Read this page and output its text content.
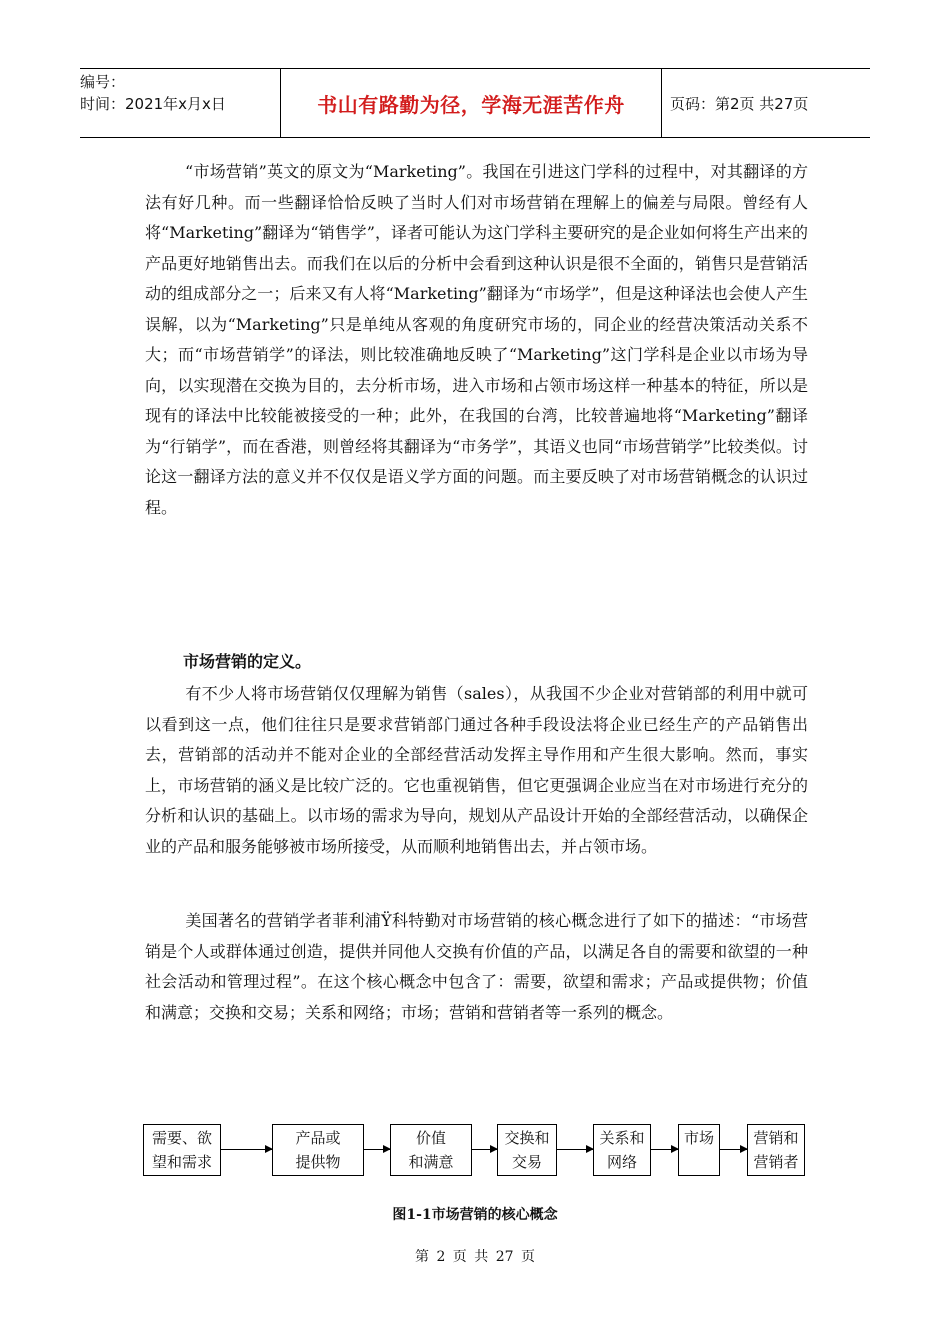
编号：
时间：2021年x月x日	书山有路勤为径，学海无涯苦作舟	页码：第2页 共27页

“市场营销”英文的原文为“Marketing”。我国在引进这门学科的过程中，对其翻译的方法有好几种。而一些翻译恰恰反映了当时人们对市场营销在理解上的偏差与局限。曾经有人将“Marketing”翻译为“销售学”，译者可能认为这门学科主要研究的是企业如何将生产出来的产品更好地销售出去。而我们在以后的分析中会看到这种认识是很不全面的，销售只是营销活动的组成部分之一；后来又有人将“Marketing”翻译为“市场学”，但是这种译法也会使人产生误解，以为“Marketing”只是单纯从客观的角度研究市场的，同企业的经营决策活动关系不大；而“市场营销学”的译法，则比较准确地反映了“Marketing”这门学科是企业以市场为导向，以实现潜在交换为目的，去分析市场，进入市场和占领市场这样一种基本的特征，所以是现有的译法中比较能被接受的一种；此外，在我国的台湾，比较普遍地将“Marketing”翻译为“行销学”，而在香港，则曾经将其翻译为“市务学”，其语义也同“市场营销学”比较类似。讨论这一翻译方法的意义并不仅仅是语义学方面的问题。而主要反映了对市场营销概念的认识过程。

市场营销的定义。

有不少人将市场营销仅仅理解为销售（sales），从我国不少企业对营销部的利用中就可以看到这一点，他们往往只是要求营销部门通过各种手段设法将企业已经生产的产品销售出去，营销部的活动并不能对企业的全部经营活动发挥主导作用和产生很大影响。然而，事实上，市场营销的涵义是比较广泛的。它也重视销售，但它更强调企业应当在对市场进行充分的分析和认识的基础上。以市场的需求为导向，规划从产品设计开始的全部经营活动，以确保企业的产品和服务能够被市场所接受，从而顺利地销售出去，并占领市场。

美国著名的营销学者菲利浦Ÿ科特勤对市场营销的核心概念进行了如下的描述：“市场营销是个人或群体通过创造，提供并同他人交换有价值的产品，以满足各自的需要和欲望的一种社会活动和管理过程”。在这个核心概念中包含了：需要，欲望和需求；产品或提供物；价值和满意；交换和交易；关系和网络；市场；营销和营销者等一系列的概念。

需要、欲
望和需求
产品或
提供物
价值
和满意
交换和
交易
关系和
网络
市场	营销和
营销者

图1-1市场营销的核心概念

第 2 页 共 27 页
